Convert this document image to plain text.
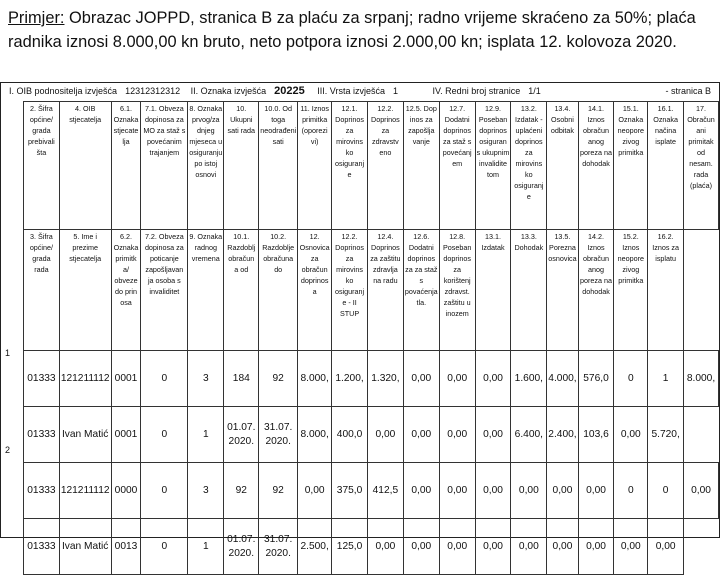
Primjer: Obrazac JOPPD, stranica B za plaću za srpanj; radno vrijeme skraćeno za 50%; plaća radnika iznosi 8.000,00 kn bruto, neto potpora iznosi 2.000,00 kn; isplata 12. kolovoza 2020.
I. OIB podnositelja izvješća 12312312312 II. Oznaka izvješća 20225 III. Vrsta izvješća 1	IV. Redni broj stranice 1/1	- stranica B
1
2
2. Šifra općine/ grada prebivali šta	4. OIB stjecatelja	6.1. Oznaka stjecate lja	7.1. Obveza dopinosa za MO za staž s povećanim trajanjem	8. Oznaka prvog/za dnjeg mjeseca u osiguranju po istoj osnovi	10. Ukupni sati rada	10.0. Od toga neodrađeni sati	11. Iznos primitka (oporezi vi)	12.1. Doprinos za mirovins ko osiguranj e	12.2. Doprinos za zdravstv eno	12.5. Dop inos za zapošlja vanje	12.7. Dodatni doprinos za staž s povećanj em	12.9. Poseban doprinos osiguran s ukupnim invalidite tom	13.2. Izdatak - uplaćeni doprinos za mirovins ko osiguranj e	13.4. Osobni odbitak	14.1. Iznos obračun anog poreza na dohodak	15.1. Oznaka neopore zivog primitka	16.1. Oznaka načina isplate	17. Obračun ani primitak od nesam. rada (plaća)
3. Šifra općine/ grada rada	5. Ime i prezime stjecatelja	6.2. Oznaka primitk a/ obveze do prin osa	7.2. Obveza dopinosa za poticanje zapošljavan ja osoba s invaliditet	9. Oznaka radnog vremena	10.1. Razdoblj obračun a od	10.2. Razdoblje obračuna do	12. Osnovica za obračun doprinos a	12.2. Doprinos za mirovins ko osiguranj e - II STUP	12.4. Doprinos za zaštitu zdravlja na radu	12.6. Dodatni doprinos za za staž s povaćenja tla.	12.8. Poseban doprinos za korištenj zdravst. zaštitu u inozem	13.1. Izdatak	13.3. Dohodak	13.5. Porezna osnovica	14.2. Iznos obračun anog poreza na dohodak	15.2. Iznos neopore zivog primitka	16.2. Iznos za isplatu	
01333	121211112	0001	0	3	184	92	8.000,	1.200,	1.320,	0,00	0,00	0,00	1.600,	4.000,	576,0	0	1	8.000,
01333	Ivan Matić	0001	0	1	01.07. 2020.	31.07. 2020.	8.000,	400,0	0,00	0,00	0,00	0,00	6.400,	2.400,	103,6	0,00	5.720,	
01333	121211112	0000	0	3	92	92	0,00	375,0	412,5	0,00	0,00	0,00	0,00	0,00	0,00	0	0	0,00
01333	Ivan Matić	0013	0	1	01.07. 2020.	31.07. 2020.	2.500,	125,0	0,00	0,00	0,00	0,00	0,00	0,00	0,00	0,00	0,00	
